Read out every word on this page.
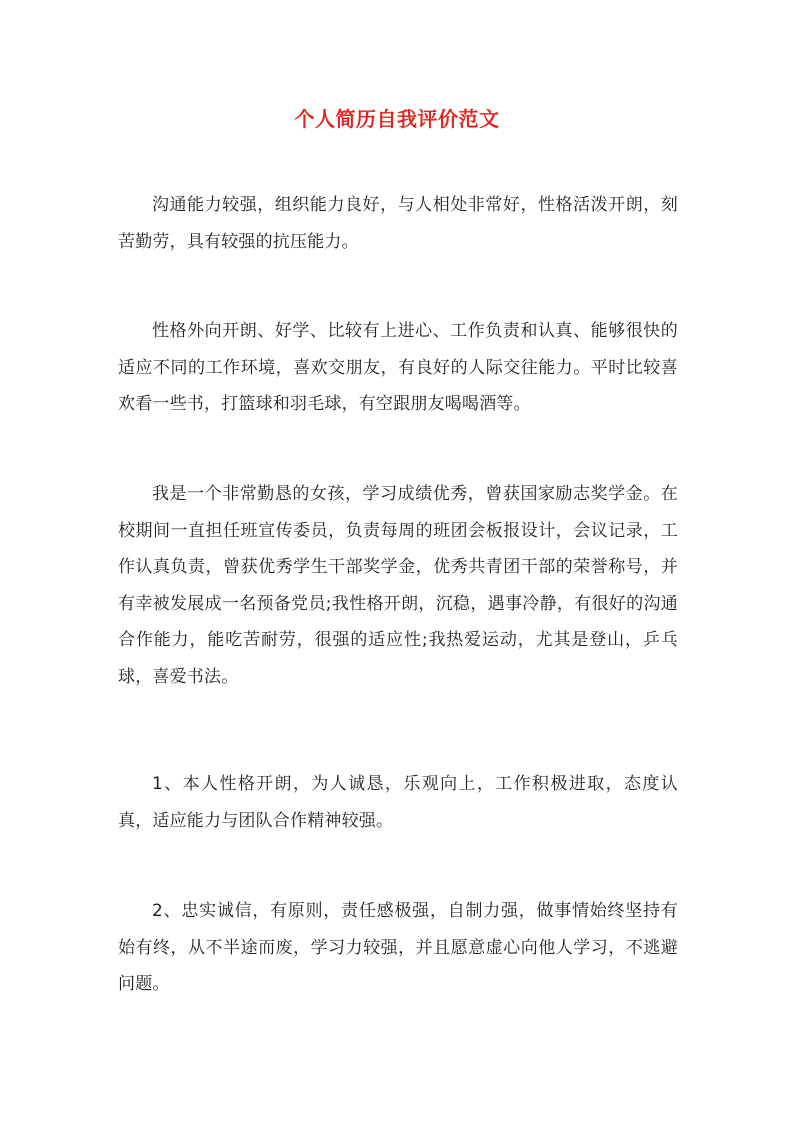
个人简历自我评价范文

沟通能力较强，组织能力良好，与人相处非常好，性格活泼开朗，刻苦勤劳，具有较强的抗压能力。

性格外向开朗、好学、比较有上进心、工作负责和认真、能够很快的适应不同的工作环境，喜欢交朋友，有良好的人际交往能力。平时比较喜欢看一些书，打篮球和羽毛球，有空跟朋友喝喝酒等。

我是一个非常勤恳的女孩，学习成绩优秀，曾获国家励志奖学金。在校期间一直担任班宣传委员，负责每周的班团会板报设计，会议记录，工作认真负责，曾获优秀学生干部奖学金，优秀共青团干部的荣誉称号，并有幸被发展成一名预备党员;我性格开朗，沉稳，遇事冷静，有很好的沟通合作能力，能吃苦耐劳，很强的适应性;我热爱运动，尤其是登山，乒乓球，喜爱书法。

1、本人性格开朗，为人诚恳，乐观向上，工作积极进取，态度认真，适应能力与团队合作精神较强。

2、忠实诚信，有原则，责任感极强，自制力强，做事情始终坚持有始有终，从不半途而废，学习力较强，并且愿意虚心向他人学习，不逃避问题。
